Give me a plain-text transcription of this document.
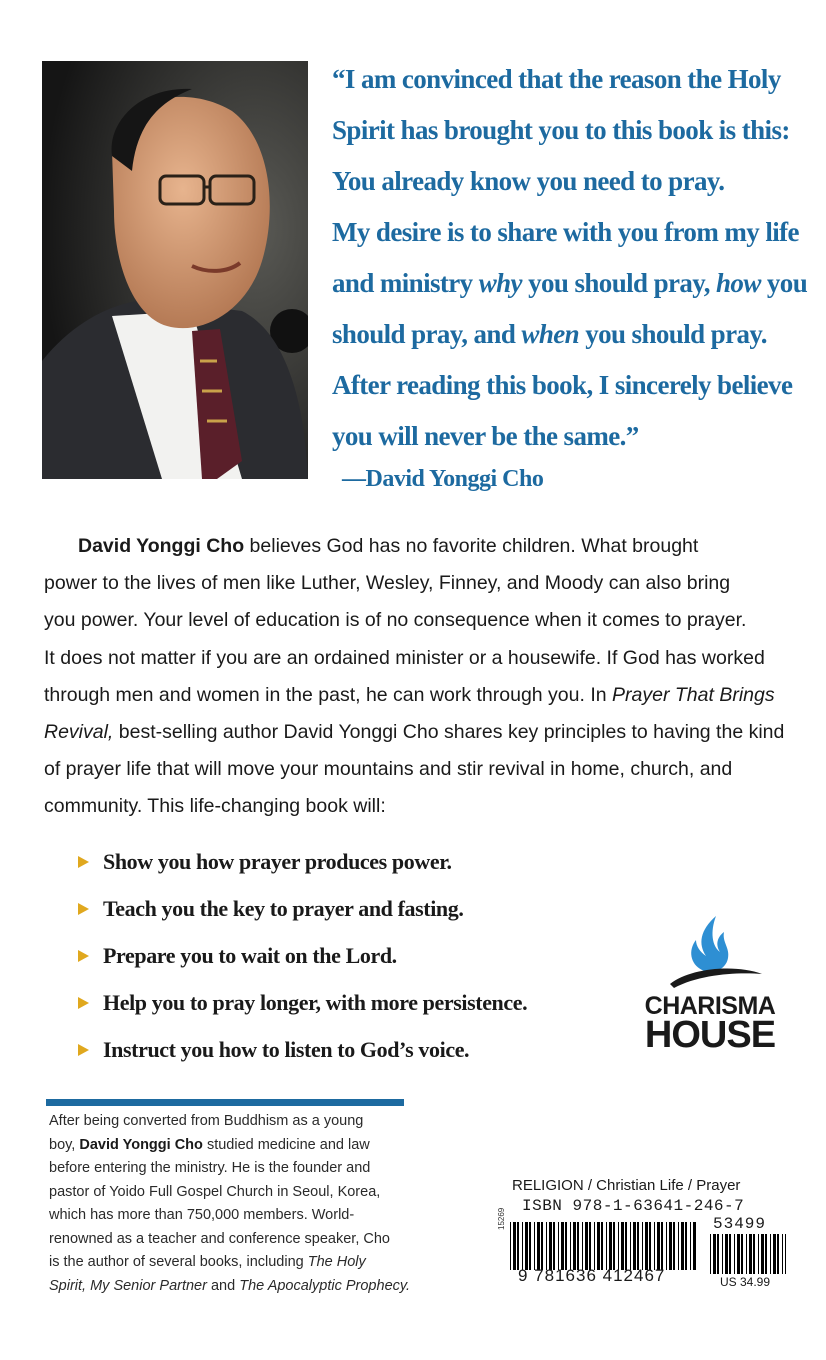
“I am convinced that the reason the Holy
Spirit has brought you to this book is this:
You already know you need to pray.
My desire is to share with you from my life
and ministry why you should pray, how you
should pray, and when you should pray.
After reading this book, I sincerely believe
you will never be the same.”
—David Yonggi Cho
David Yonggi Cho believes God has no favorite children. What brought
power to the lives of men like Luther, Wesley, Finney, and Moody can also bring
you power. Your level of education is of no consequence when it comes to prayer.
It does not matter if you are an ordained minister or a housewife. If God has worked
through men and women in the past, he can work through you. In Prayer That Brings
Revival, best-selling author David Yonggi Cho shares key principles to having the kind
of prayer life that will move your mountains and stir revival in home, church, and
community. This life-changing book will:
Show you how prayer produces power.
Teach you the key to prayer and fasting.
Prepare you to wait on the Lord.
Help you to pray longer, with more persistence.
Instruct you how to listen to God’s voice.
CHARISMA
HOUSE
After being converted from Buddhism as a young
boy, David Yonggi Cho studied medicine and law
before entering the ministry. He is the founder and
pastor of Yoido Full Gospel Church in Seoul, Korea,
which has more than 750,000 members. World-
renowned as a teacher and conference speaker, Cho
is the author of several books, including The Holy
Spirit, My Senior Partner and The Apocalyptic Prophecy.
RELIGION / Christian Life / Prayer
15269
ISBN 978-1-63641-246-7
53499
9 781636 412467	US 34.99
